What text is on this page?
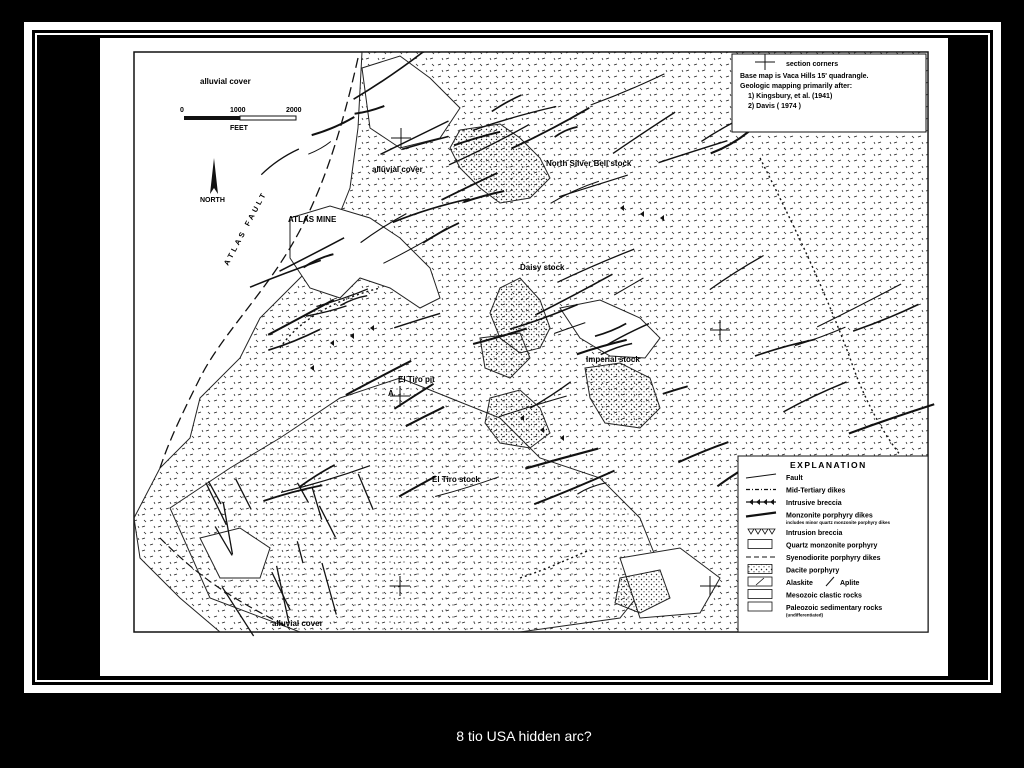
section corners
Base map is Vaca Hills 15' quadrangle.
Geologic mapping primarily after:
1) Kingsbury, et al. (1941)
2) Davis ( 1974 )
alluvial cover
0	1000	2000
FEET
NORTH
alluvial cover
ATLAS MINE
ATLAS FAULT
North Silver Bell stock
Daisy stock
Imperial stock
El Tiro pit
A
El Tiro stock
alluvial cover
EXPLANATION
Fault
Mid-Tertiary dikes
Intrusive breccia
Monzonite porphyry dikes
includes minor quartz monzonite porphyry dikes
Intrusion breccia
Quartz monzonite porphyry
Syenodiorite porphyry dikes
Dacite porphyry
Alaskite	Aplite
Mesozoic clastic rocks
Paleozoic sedimentary rocks
(undifferentiated)
8 tio USA hidden arc?
